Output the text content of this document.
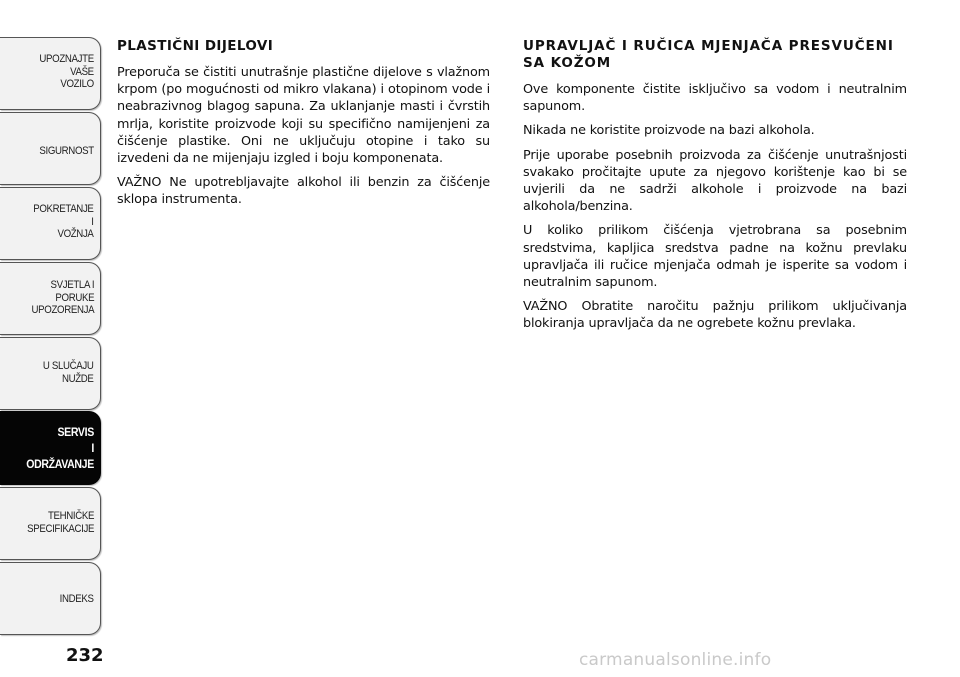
UPOZNAJTE
VAŠE
VOZILO
SIGURNOST
POKRETANJE
I
VOŽNJA
SVJETLA I
PORUKE
UPOZORENJA
U SLUČAJU
NUŽDE
SERVIS
I
ODRŽAVANJE
TEHNIČKE
SPECIFIKACIJE
INDEKS
232
PLASTIČNI DIJELOVI

Preporuča se čistiti unutrašnje plastične dijelove s vlažnom krpom (po mogućnosti od mikro vlakana) i otopinom vode i neabrazivnog blagog sapuna. Za uklanjanje masti i čvrstih mrlja, koristite proizvode koji su specifično namijenjeni za čišćenje plastike. Oni ne uključuju otopine i tako su izvedeni da ne mijenjaju izgled i boju komponenata.

VAŽNO Ne upotrebljavajte alkohol ili benzin za čišćenje sklopa instrumenta.

UPRAVLJAČ I RUČICA MJENJAČA PRESVUČENI SA KOŽOM

Ove komponente čistite isključivo sa vodom i neutralnim sapunom.

Nikada ne koristite proizvode na bazi alkohola.

Prije uporabe posebnih proizvoda za čišćenje unutrašnjosti svakako pročitajte upute za njegovo korištenje kao bi se uvjerili da ne sadrži alkohole i proizvode na bazi alkohola/benzina.

U koliko prilikom čišćenja vjetrobrana sa posebnim sredstvima, kapljica sredstva padne na kožnu prevlaku upravljača ili ručice mjenjača odmah je isperite sa vodom i neutralnim sapunom.

VAŽNO Obratite naročitu pažnju prilikom uključivanja blokiranja upravljača da ne ogrebete kožnu prevlaka.

carmanualsonline.info
